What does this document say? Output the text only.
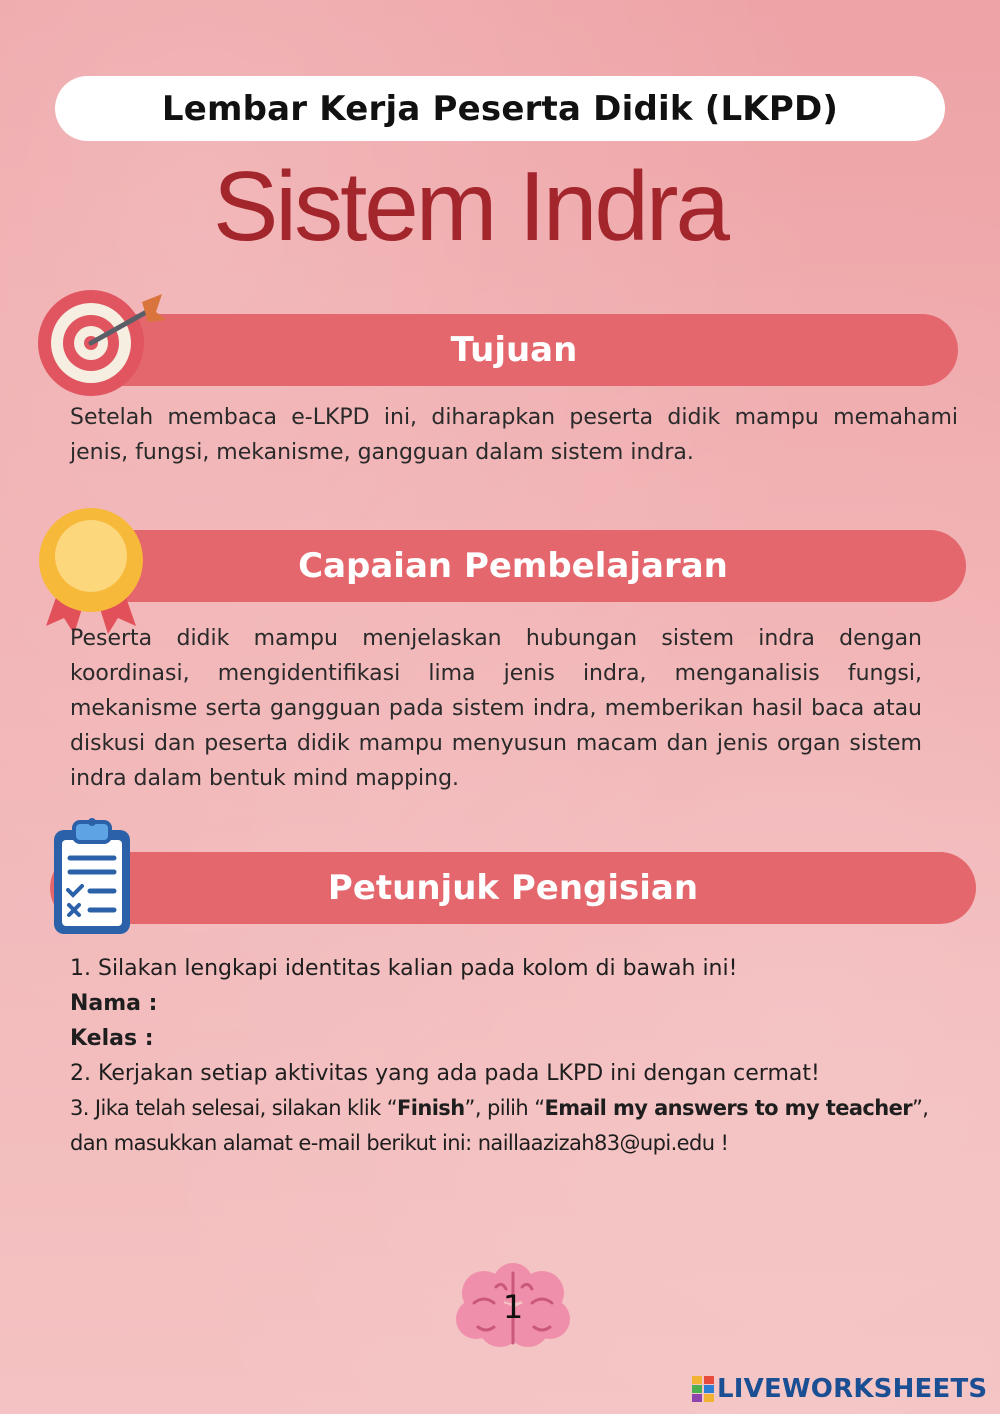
Lembar Kerja Peserta Didik (LKPD)
Sistem Indra
Tujuan
Setelah membaca e-LKPD ini, diharapkan peserta didik mampu memahami jenis, fungsi, mekanisme, gangguan dalam sistem indra.
Capaian Pembelajaran
Peserta didik mampu menjelaskan hubungan sistem indra dengan koordinasi, mengidentifikasi lima jenis indra, menganalisis fungsi, mekanisme serta gangguan pada sistem indra, memberikan hasil baca atau diskusi dan peserta didik mampu menyusun macam dan jenis organ sistem indra dalam bentuk mind mapping.
Petunjuk Pengisian
1. Silakan lengkapi identitas kalian pada kolom di bawah ini!
Nama :
Kelas :
2. Kerjakan setiap aktivitas yang ada pada LKPD ini dengan cermat!
3. Jika telah selesai, silakan klik “Finish”, pilih “Email my answers to my teacher”,
dan masukkan alamat e-mail berikut ini: naillaazizah83@upi.edu !
1
LIVEWORKSHEETS
